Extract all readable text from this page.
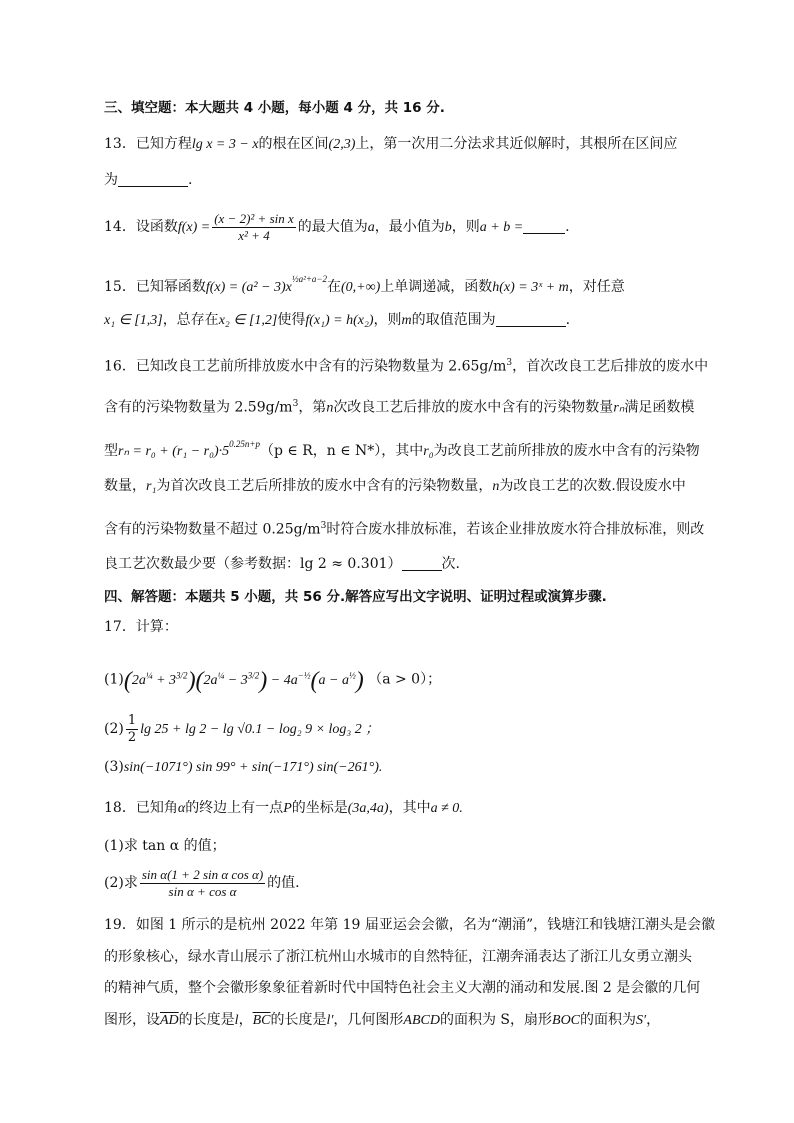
三、填空题：本大题共 4 小题，每小题 4 分，共 16 分.
13．已知方程lg x = 3 − x的根在区间(2,3)上，第一次用二分法求其近似解时，其根所在区间应
为	.
14．设函数$f(x) = \frac{\text{(x − 2)² + sin x}}{\text{x² + 4}}$ 的最大值为a，最小值为b，则a + b =	.
15．已知幂函数$f(x) = (a^2 - 3)x^{\frac{1}{2}a^2+a-2}$在(0,+∞)上单调递减，函数h(x) = 3ˣ + m，对任意
x₁ ∈ [1,3]，总存在x₂ ∈ [1,2]使得f(x₁) = h(x₂)，则m的取值范围为	.
16．已知改良工艺前所排放废水中含有的污染物数量为 $2.65g/m^3$，首次改良工艺后排放的废水中
含有的污染物数量为 $2.59g/m^3$，第n次改良工艺后排放的废水中含有的污染物数量rₙ满足函数模
型$r_n = r_0 + (r_1 - r_0)\cdot 5^{0.25n+p}(p$ ∈ R，n ∈ N*），其中r₀为改良工艺前所排放的废水中含有的污染物
数量，r₁为首次改良工艺后所排放的废水中含有的污染物数量，n为改良工艺的次数.假设废水中
含有的污染物数量不超过 $0.25g/m^3$时符合废水排放标准，若该企业排放废水符合排放标准，则改
良工艺次数最少要（参考数据：lg 2 ≈ 0.301）	次.
四、解答题：本题共 5 小题，共 56 分.解答应写出文字说明、证明过程或演算步骤.
17．计算：
$(1)(2a^{\frac{1}{4}} + 3^{3/2})(2a^{\frac{1}{4}} - 3^{3/2}) - 4a^{-\frac{1}{2}}(a - a^{\frac{1}{2}}) (a > 0)$；
$(2) \frac{1}{2}$ lg 25 + lg 2 − lg √0.1 − log₂ 9 × log₃ 2 ；
(3)sin(−1071°) sin 99° + sin(−171°) sin(−261°).
18．已知角α的终边上有一点P的坐标是(3a,4a)，其中a ≠ 0.
(1)求 tan α 的值；
(2)求 $\frac{\text{sin α(1 + 2 sin α cos α)}}{\text{sin α + cos α}}$ 的值.
19．如图 1 所示的是杭州 2022 年第 19 届亚运会会徽，名为“潮涌”，钱塘江和钱塘江潮头是会徽
的形象核心，绿水青山展示了浙江杭州山水城市的自然特征，江潮奔涌表达了浙江儿女勇立潮头
的精神气质，整个会徽形象象征着新时代中国特色社会主义大潮的涌动和发展.图 2 是会徽的几何
图形，设$\overline{AD}$的长度是l，$\overline{BC}$的长度是l′，几何图形ABCD的面积为 S，扇形BOC的面积为S′，
